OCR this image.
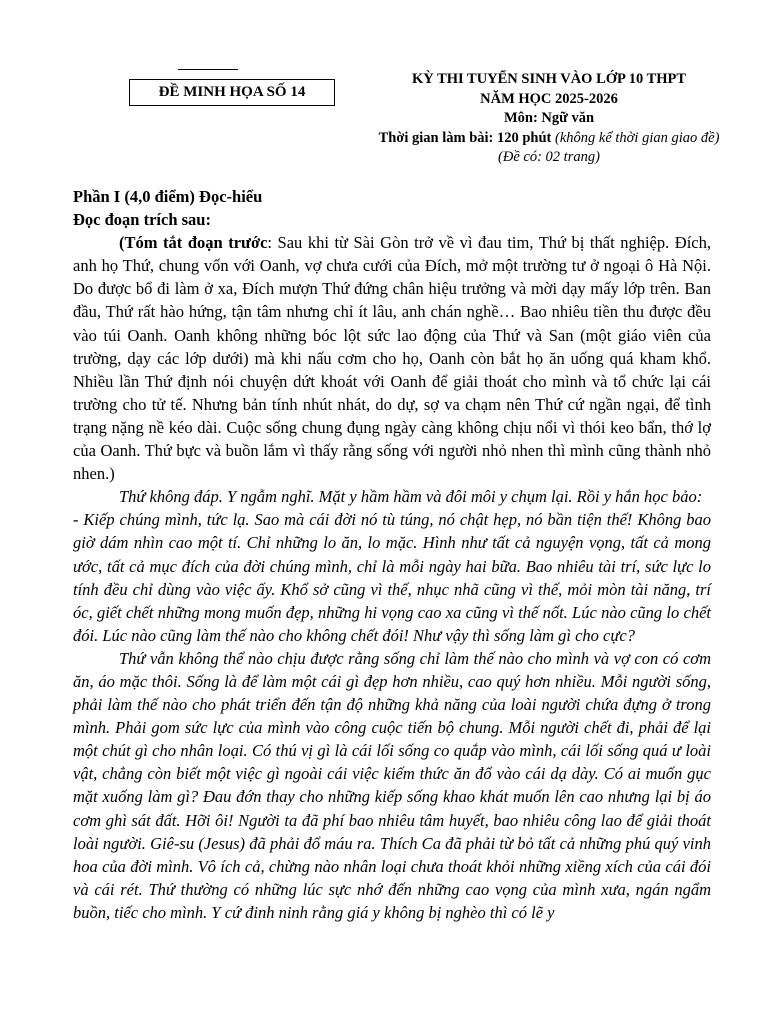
ĐỀ MINH HỌA SỐ 14
KỲ THI TUYỂN SINH VÀO LỚP 10 THPT
NĂM HỌC 2025-2026
Môn: Ngữ văn
Thời gian làm bài: 120 phút (không kể thời gian giao đề)
(Đề có: 02 trang)

Phần I (4,0 điểm) Đọc-hiểu

Đọc đoạn trích sau:

(Tóm tắt đoạn trước: Sau khi từ Sài Gòn trở về vì đau tim, Thứ bị thất nghiệp. Đích, anh họ Thứ, chung vốn với Oanh, vợ chưa cưới của Đích, mở một trường tư ở ngoại ô Hà Nội. Do được bổ đi làm ở xa, Đích mượn Thứ đứng chân hiệu trưởng và mời dạy mấy lớp trên. Ban đầu, Thứ rất hào hứng, tận tâm nhưng chỉ ít lâu, anh chán nghề… Bao nhiêu tiền thu được đều vào túi Oanh. Oanh không những bóc lột sức lao động của Thứ và San (một giáo viên của trường, dạy các lớp dưới) mà khi nấu cơm cho họ, Oanh còn bắt họ ăn uống quá kham khổ. Nhiều lần Thứ định nói chuyện dứt khoát với Oanh để giải thoát cho mình và tổ chức lại cái trường cho tử tế. Nhưng bản tính nhút nhát, do dự, sợ va chạm nên Thứ cứ ngần ngại, để tình trạng nặng nề kéo dài. Cuộc sống chung đụng ngày càng không chịu nổi vì thói keo bẩn, thớ lợ của Oanh. Thứ bực và buồn lắm vì thấy rằng sống với người nhỏ nhen thì mình cũng thành nhỏ nhen.)

Thứ không đáp. Y ngẫm nghĩ. Mặt y hầm hầm và đôi môi y chụm lại. Rồi y hắn học bảo:

- Kiếp chúng mình, tức lạ. Sao mà cái đời nó tù túng, nó chật hẹp, nó bần tiện thế! Không bao giờ dám nhìn cao một tí. Chỉ những lo ăn, lo mặc. Hình như tất cả nguyện vọng, tất cả mong ước, tất cả mục đích của đời chúng mình, chỉ là mỗi ngày hai bữa. Bao nhiêu tài trí, sức lực lo tính đều chỉ dùng vào việc ấy. Khổ sở cũng vì thế, nhục nhã cũng vì thế, mỏi mòn tài năng, trí óc, giết chết những mong muốn đẹp, những hi vọng cao xa cũng vì thế nốt. Lúc nào cũng lo chết đói. Lúc nào cũng làm thế nào cho không chết đói! Như vậy thì sống làm gì cho cực?

Thứ vẫn không thể nào chịu được rằng sống chỉ làm thế nào cho mình và vợ con có cơm ăn, áo mặc thôi. Sống là để làm một cái gì đẹp hơn nhiều, cao quý hơn nhiều. Mỗi người sống, phải làm thế nào cho phát triển đến tận độ những khả năng của loài người chứa đựng ở trong mình. Phải gom sức lực của mình vào công cuộc tiến bộ chung. Mỗi người chết đi, phải để lại một chút gì cho nhân loại. Có thú vị gì là cái lối sống co quắp vào mình, cái lối sống quá ư loài vật, chẳng còn biết một việc gì ngoài cái việc kiếm thức ăn đổ vào cái dạ dày. Có ai muốn gục mặt xuống làm gì? Đau đớn thay cho những kiếp sống khao khát muốn lên cao nhưng lại bị áo cơm ghì sát đất. Hỡi ôi! Người ta đã phí bao nhiêu tâm huyết, bao nhiêu công lao để giải thoát loài người. Giê-su (Jesus) đã phải đổ máu ra. Thích Ca đã phải từ bỏ tất cả những phú quý vinh hoa của đời mình. Vô ích cả, chừng nào nhân loại chưa thoát khỏi những xiềng xích của cái đói và cái rét. Thứ thường có những lúc sực nhớ đến những cao vọng của mình xưa, ngán ngẩm buồn, tiếc cho mình. Y cứ đinh ninh rằng giá y không bị nghèo thì có lẽ y
